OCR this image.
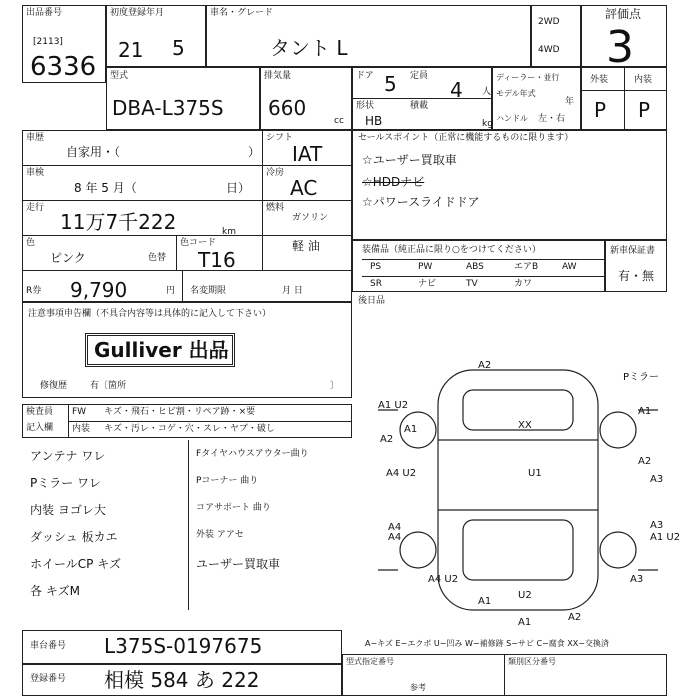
出品番号
[2113]
6336
初度登録年月
21 5
車名・グレード
タント L
2WD
4WD
評価点
3
型式
DBA-L375S
排気量
660
cc
ドア 5 定員
4 人
形状
HB
積載
kg
ディーラー・並行
モデル年式
年
ハンドル 左・右
外装	内装
P P
車歴
自家用・（	）
シフト
IAT
車検
8 年 5 月（	日）
冷房
AC
走行
11万7千222	km
燃料
ガソリン
軽 油
色
ピンク	色替
色コード
T16
R券 9,790	円 名変期限	月 日
セールスポイント（正常に機能するものに限ります）
☆ユーザー買取車
☆HDDナビ
☆パワースライドドア
装備品（純正品に限り○をつけてください）
PS	PW	ABS	エアB	AW
SR	ナビ	TV	カワ
新車保証書
有・無
後日品
注意事項申告欄（不具合内容等は具体的に記入して下さい）
Gulliver 出品
修復歴	有〔箇所	〕
検査員
記入欄
FW キズ・飛石・ヒビ割・リペア跡・×要
内装 キズ・汚レ・コゲ・穴・スレ・ヤブ・破し
アンテナ ワレ
Pミラー ワレ
内装 ヨゴレ大
ダッシュ 板カエ
ホイールCP キズ
各 キズM
Fタイヤハウスアウター曲り
Pコーナー 曲り
コアサポート 曲り
外装 アアセ
ユーザー買取車
A2
A1 U2
Pミラー
A1	XX
A1
A2
U1
A2
A4 U2
A3
A4
A4
A3
A1 U2
U2
A4 U2	A3
A1
A2
A1
A−キズ E−エクボ U−凹み W−補修跡 S−サビ C−腐食 XX−交換済
車台番号 L375S-0197675
登録番号 相模 584 あ 222
型式指定番号	類別区分番号
参考
